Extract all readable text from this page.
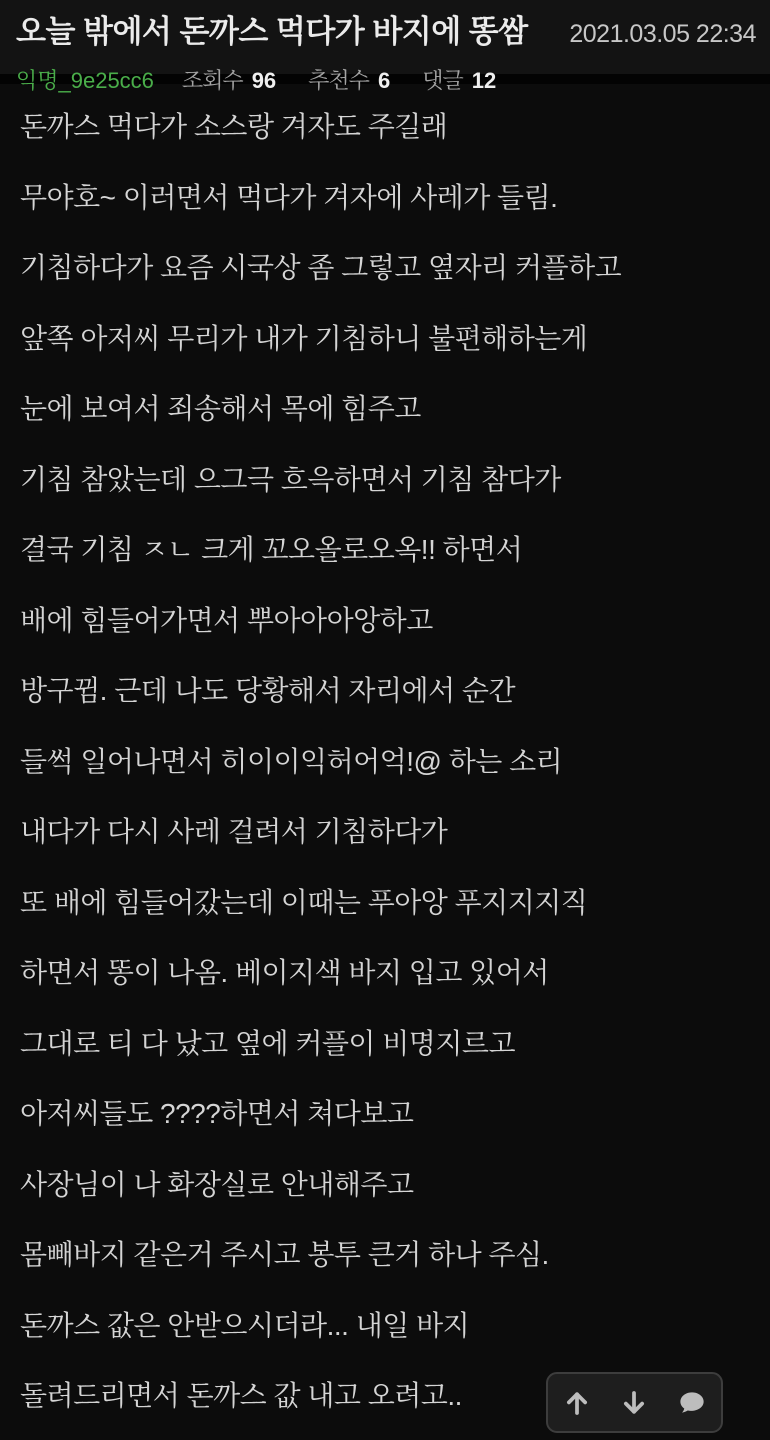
오늘 밖에서 돈까스 먹다가 바지에 똥쌈 2021.03.05 22:34
익명_9e25cc6 조회수 96 추천수 6 댓글 12

돈까스 먹다가 소스랑 겨자도 주길래

무야호~ 이러면서 먹다가 겨자에 사레가 들림.

기침하다가 요즘 시국상 좀 그렇고 옆자리 커플하고

앞쪽 아저씨 무리가 내가 기침하니 불편해하는게

눈에 보여서 죄송해서 목에 힘주고

기침 참았는데 으그극 흐윽하면서 기침 참다가

결국 기침 ㅈㄴ 크게 꼬오올로오옥!! 하면서

배에 힘들어가면서 뿌아아아앙하고

방구뀜. 근데 나도 당황해서 자리에서 순간

들썩 일어나면서 히이이익허어억!@ 하는 소리

내다가 다시 사레 걸려서 기침하다가

또 배에 힘들어갔는데 이때는 푸아앙 푸지지지직

하면서 똥이 나옴. 베이지색 바지 입고 있어서

그대로 티 다 났고 옆에 커플이 비명지르고

아저씨들도 ????하면서 쳐다보고

사장님이 나 화장실로 안내해주고

몸빼바지 같은거 주시고 봉투 큰거 하나 주심.

돈까스 값은 안받으시더라... 내일 바지

돌려드리면서 돈까스 값 내고 오려고..
